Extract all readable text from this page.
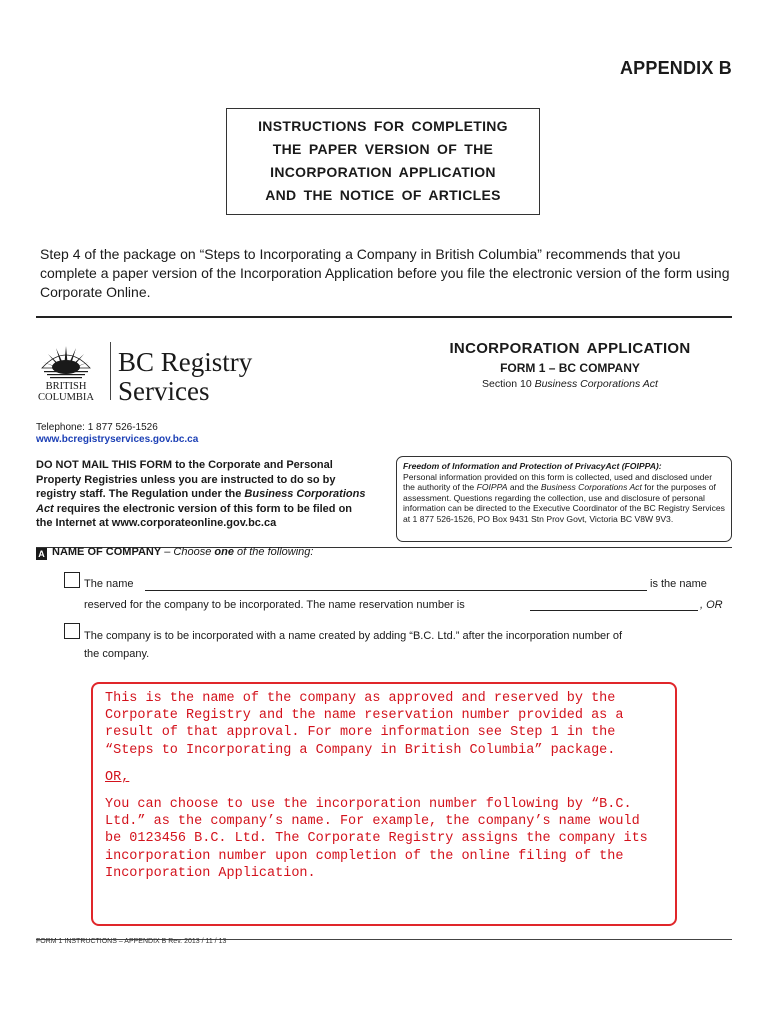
APPENDIX B
INSTRUCTIONS FOR COMPLETING
THE PAPER VERSION OF THE
INCORPORATION APPLICATION
AND THE NOTICE OF ARTICLES
Step 4 of the package on “Steps to Incorporating a Company in British Columbia” recommends that you complete a paper version of the Incorporation Application before you file the electronic version of the form using Corporate Online.
BRITISH
COLUMBIA
BC Registry
Services
INCORPORATION APPLICATION
FORM 1 – BC COMPANY
Section 10 Business Corporations Act
Telephone: 1 877 526-1526
www.bcregistryservices.gov.bc.ca
DO NOT MAIL THIS FORM to the Corporate and Personal Property Registries unless you are instructed to do so by registry staff. The Regulation under the Business Corporations Act requires the electronic version of this form to be filed on the Internet at www.corporateonline.gov.bc.ca
Freedom of Information and Protection of PrivacyAct (FOIPPA):
Personal information provided on this form is collected, used and disclosed under the authority of the FOIPPA and the Business Corporations Act for the purposes of assessment. Questions regarding the collection, use and disclosure of personal information can be directed to the Executive Coordinator of the BC Registry Services at 1 877 526-1526, PO Box 9431 Stn Prov Govt, Victoria BC V8W 9V3.
A NAME OF COMPANY – Choose one of the following:
The name	is the name
reserved for the company to be incorporated. The name reservation number is	, OR
The company is to be incorporated with a name created by adding “B.C. Ltd.” after the incorporation number of
the company.

This is the name of the company as approved and reserved by the Corporate Registry and the name reservation number provided as a result of that approval. For more information see Step 1 in the “Steps to Incorporating a Company in British Columbia” package.

OR,

You can choose to use the incorporation number following by “B.C. Ltd.” as the company’s name. For example, the company’s name would be 0123456 B.C. Ltd. The Corporate Registry assigns the company its incorporation number upon completion of the online filing of the Incorporation Application.

FORM 1 INSTRUCTIONS – APPENDIX B Rev. 2013 / 11 / 13
